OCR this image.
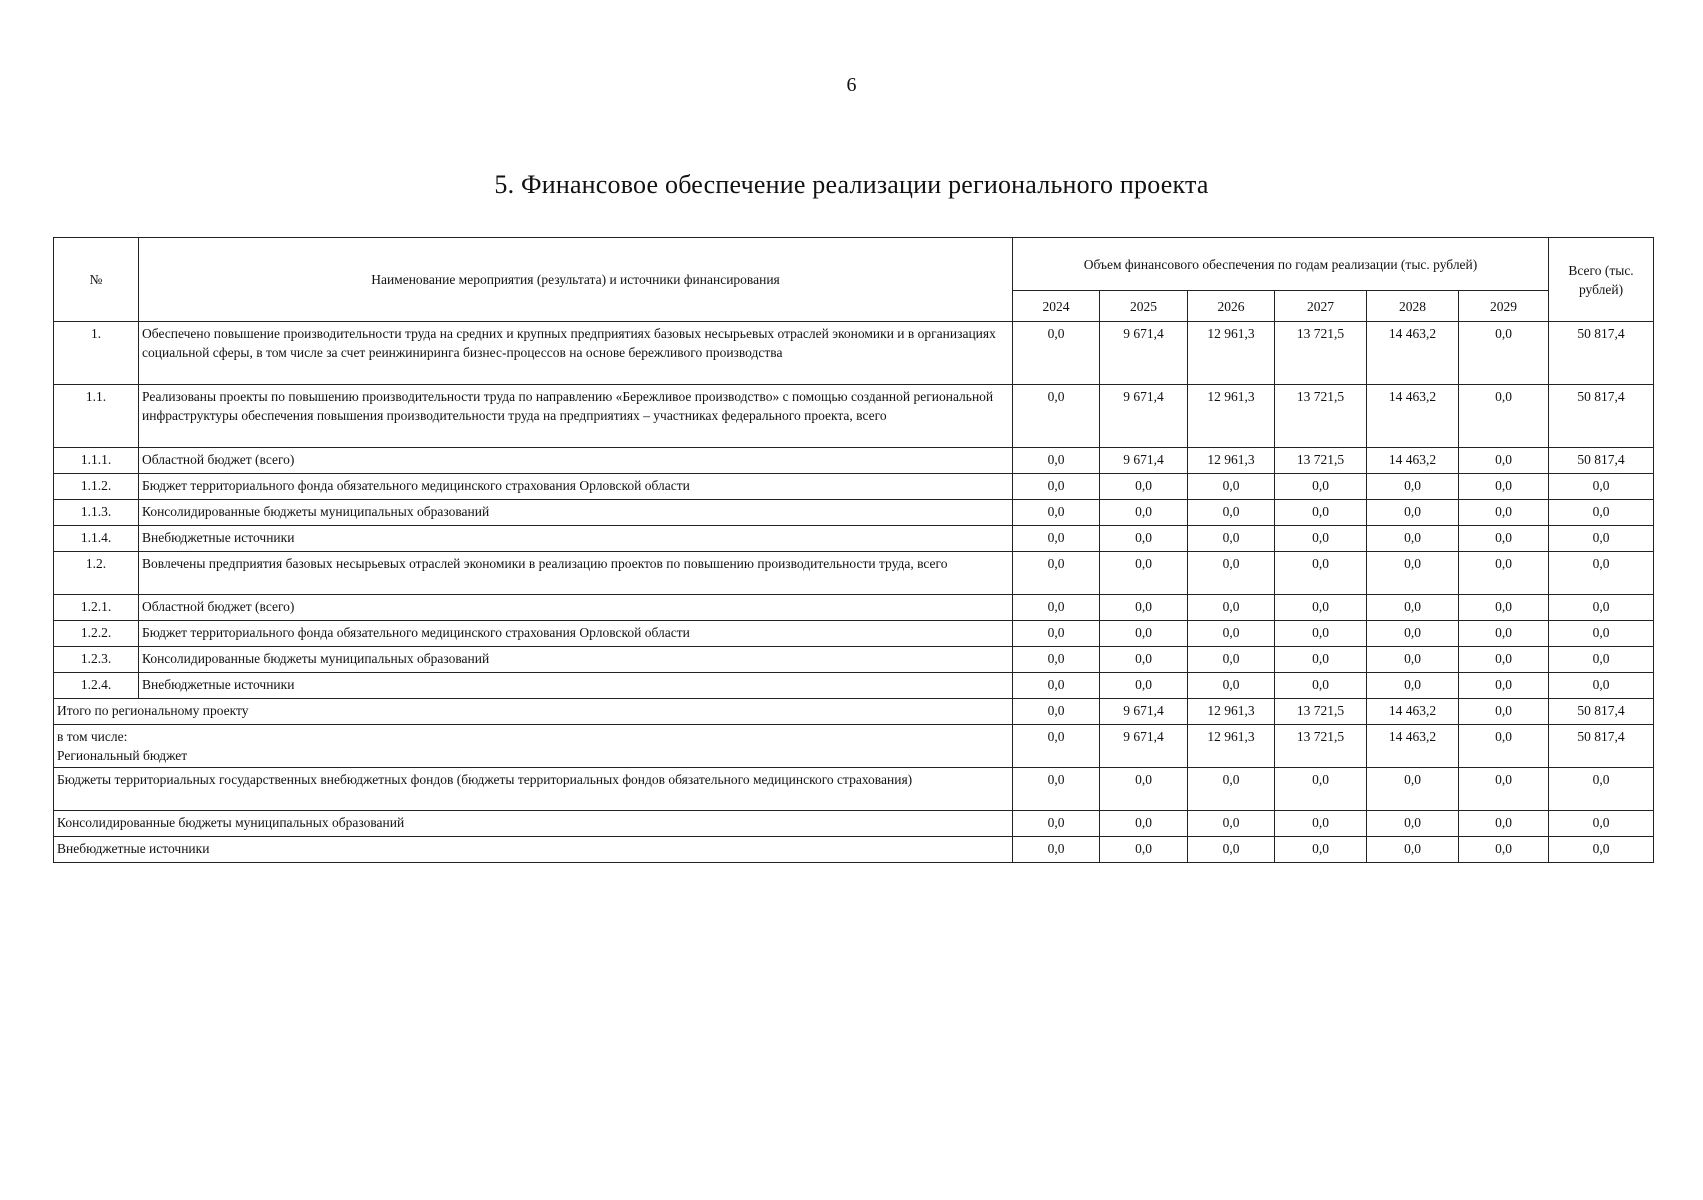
6
5. Финансовое обеспечение реализации регионального проекта
№	Наименование мероприятия (результата) и источники финансирования	Объем финансового обеспечения по годам реализации (тыс. рублей)						Всего (тыс. рублей)
		2024	2025	2026	2027	2028	2029	
1.	Обеспечено повышение производительности труда на средних и крупных предприятиях базовых несырьевых отраслей экономики и в организациях социальной сферы, в том числе за счет реинжиниринга бизнес-процессов на основе бережливого производства	0,0	9 671,4	12 961,3	13 721,5	14 463,2	0,0	50 817,4
1.1.	Реализованы проекты по повышению производительности труда по направлению «Бережливое производство» с помощью созданной региональной инфраструктуры обеспечения повышения производительности труда на предприятиях – участниках федерального проекта, всего	0,0	9 671,4	12 961,3	13 721,5	14 463,2	0,0	50 817,4
1.1.1.	Областной бюджет (всего)	0,0	9 671,4	12 961,3	13 721,5	14 463,2	0,0	50 817,4
1.1.2.	Бюджет территориального фонда обязательного медицинского страхования Орловской области	0,0	0,0	0,0	0,0	0,0	0,0	0,0
1.1.3.	Консолидированные бюджеты муниципальных образований	0,0	0,0	0,0	0,0	0,0	0,0	0,0
1.1.4.	Внебюджетные источники	0,0	0,0	0,0	0,0	0,0	0,0	0,0
1.2.	Вовлечены предприятия базовых несырьевых отраслей экономики в реализацию проектов по повышению производительности труда, всего	0,0	0,0	0,0	0,0	0,0	0,0	0,0
1.2.1.	Областной бюджет (всего)	0,0	0,0	0,0	0,0	0,0	0,0	0,0
1.2.2.	Бюджет территориального фонда обязательного медицинского страхования Орловской области	0,0	0,0	0,0	0,0	0,0	0,0	0,0
1.2.3.	Консолидированные бюджеты муниципальных образований	0,0	0,0	0,0	0,0	0,0	0,0	0,0
1.2.4.	Внебюджетные источники	0,0	0,0	0,0	0,0	0,0	0,0	0,0
Итого по региональному проекту		0,0	9 671,4	12 961,3	13 721,5	14 463,2	0,0	50 817,4

в том числе:
Региональный бюджет		0,0	9 671,4	12 961,3	13 721,5	14 463,2	0,0	50 817,4
Бюджеты территориальных государственных внебюджетных фондов (бюджеты территориальных фондов обязательного медицинского страхования)		0,0	0,0	0,0	0,0	0,0	0,0	0,0
Консолидированные бюджеты муниципальных образований		0,0	0,0	0,0	0,0	0,0	0,0	0,0
Внебюджетные источники		0,0	0,0	0,0	0,0	0,0	0,0	0,0
